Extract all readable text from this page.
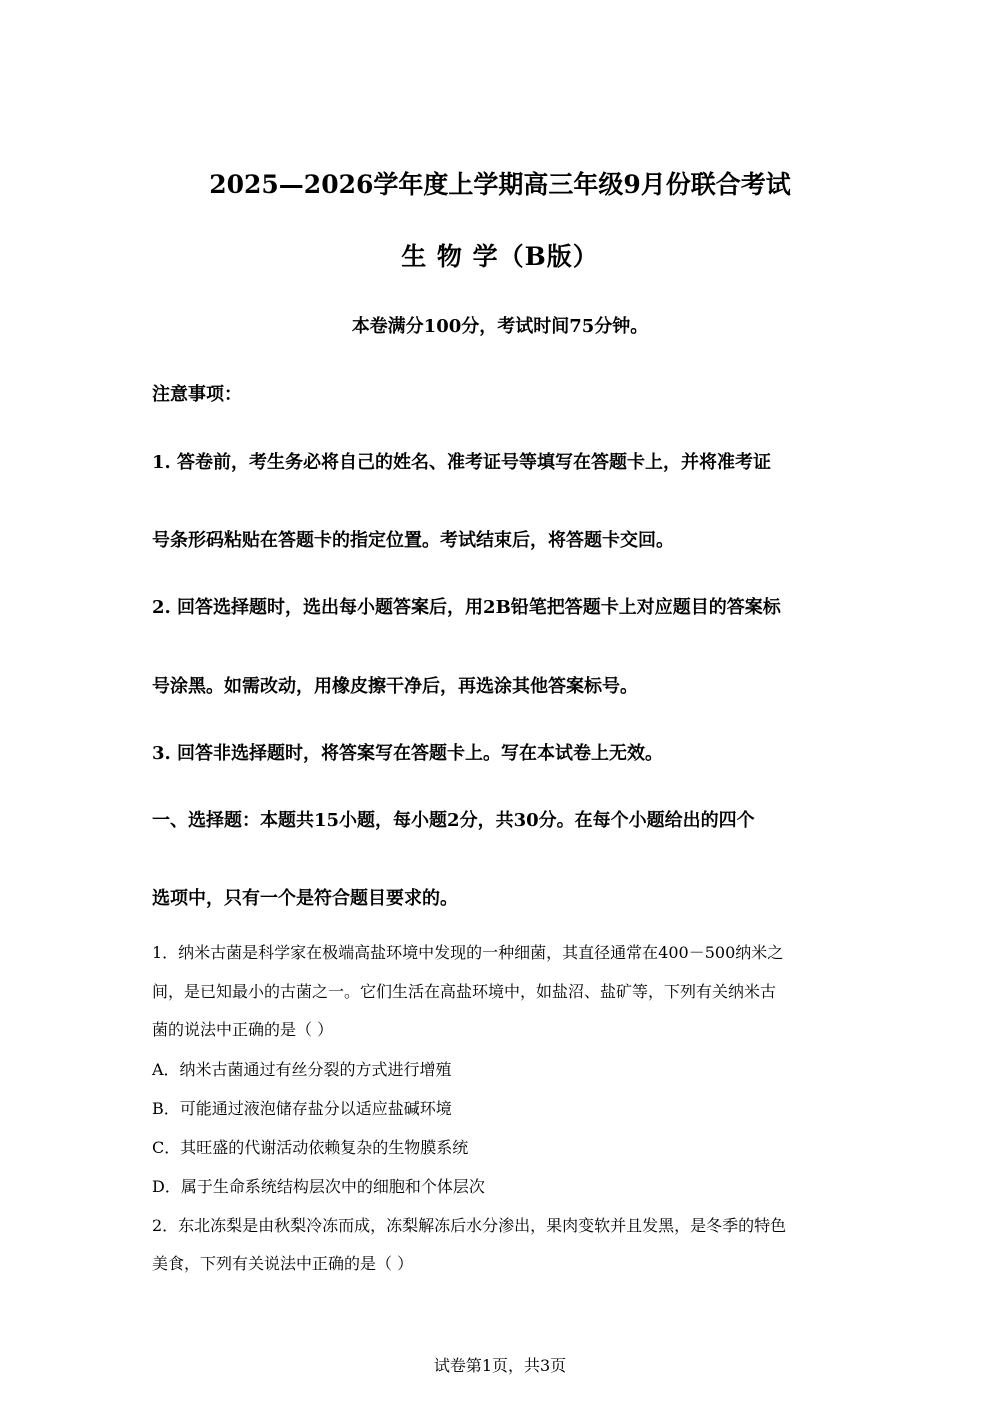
2025—2026学年度上学期高三年级9月份联合考试
生 物 学（B版）
本卷满分100分，考试时间75分钟。
注意事项：
1. 答卷前，考生务必将自己的姓名、准考证号等填写在答题卡上，并将准考证
号条形码粘贴在答题卡的指定位置。考试结束后，将答题卡交回。
2. 回答选择题时，选出每小题答案后，用2B铅笔把答题卡上对应题目的答案标
号涂黑。如需改动，用橡皮擦干净后，再选涂其他答案标号。
3. 回答非选择题时，将答案写在答题卡上。写在本试卷上无效。
一、选择题：本题共15小题，每小题2分，共30分。在每个小题给出的四个
选项中，只有一个是符合题目要求的。
1．纳米古菌是科学家在极端高盐环境中发现的一种细菌，其直径通常在400－500纳米之
间，是已知最小的古菌之一。它们生活在高盐环境中，如盐沼、盐矿等，下列有关纳米古
菌的说法中正确的是（ ）
A．纳米古菌通过有丝分裂的方式进行增殖
B．可能通过液泡储存盐分以适应盐碱环境
C．其旺盛的代谢活动依赖复杂的生物膜系统
D．属于生命系统结构层次中的细胞和个体层次
2．东北冻梨是由秋梨冷冻而成，冻梨解冻后水分渗出，果肉变软并且发黑，是冬季的特色
美食，下列有关说法中正确的是（ ）
试卷第1页，共3页
